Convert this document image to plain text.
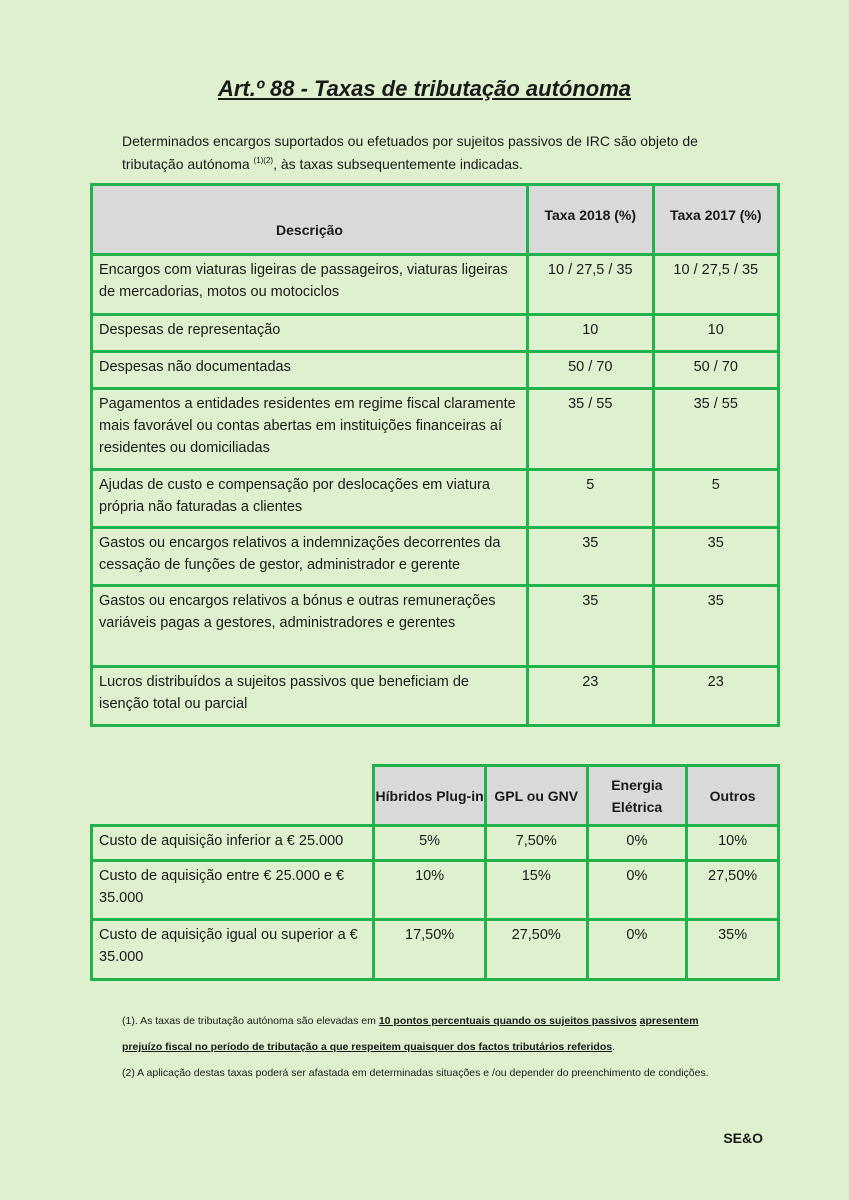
Art.º 88 - Taxas de tributação autónoma
Determinados encargos suportados ou efetuados por sujeitos passivos de IRC são objeto de tributação autónoma $^{(1)(2)}$, às taxas subsequentemente indicadas.
Descrição	Taxa 2018 (%)	Taxa 2017 (%)
Encargos com viaturas ligeiras de passageiros, viaturas ligeiras de mercadorias, motos ou motociclos	10 / 27,5 / 35	10 / 27,5 / 35
Despesas de representação	10	10
Despesas não documentadas	50 / 70	50 / 70
Pagamentos a entidades residentes em regime fiscal claramente mais favorável ou contas abertas em instituições financeiras aí residentes ou domiciliadas	35 / 55	35 / 55
Ajudas de custo e compensação por deslocações em viatura própria não faturadas a clientes	5	5
Gastos ou encargos relativos a indemnizações decorrentes da cessação de funções de gestor, administrador e gerente	35	35
Gastos ou encargos relativos a bónus e outras remunerações variáveis pagas a gestores, administradores e gerentes	35	35
Lucros distribuídos a sujeitos passivos que beneficiam de isenção total ou parcial	23	23
	Híbridos Plug-in	GPL ou GNV	Energia Elétrica	Outros
Custo de aquisição inferior a € 25.000	5%	7,50%	0%	10%
Custo de aquisição entre € 25.000 e € 35.000	10%	15%	0%	27,50%
Custo de aquisição igual ou superior a € 35.000	17,50%	27,50%	0%	35%
(1). As taxas de tributação autónoma são elevadas em 10 pontos percentuais quando os sujeitos passivos apresentem prejuízo fiscal no período de tributação a que respeitem quaisquer dos factos tributários referidos.
(2) A aplicação destas taxas poderá ser afastada em determinadas situações e /ou depender do preenchimento de condições.
SE&O
